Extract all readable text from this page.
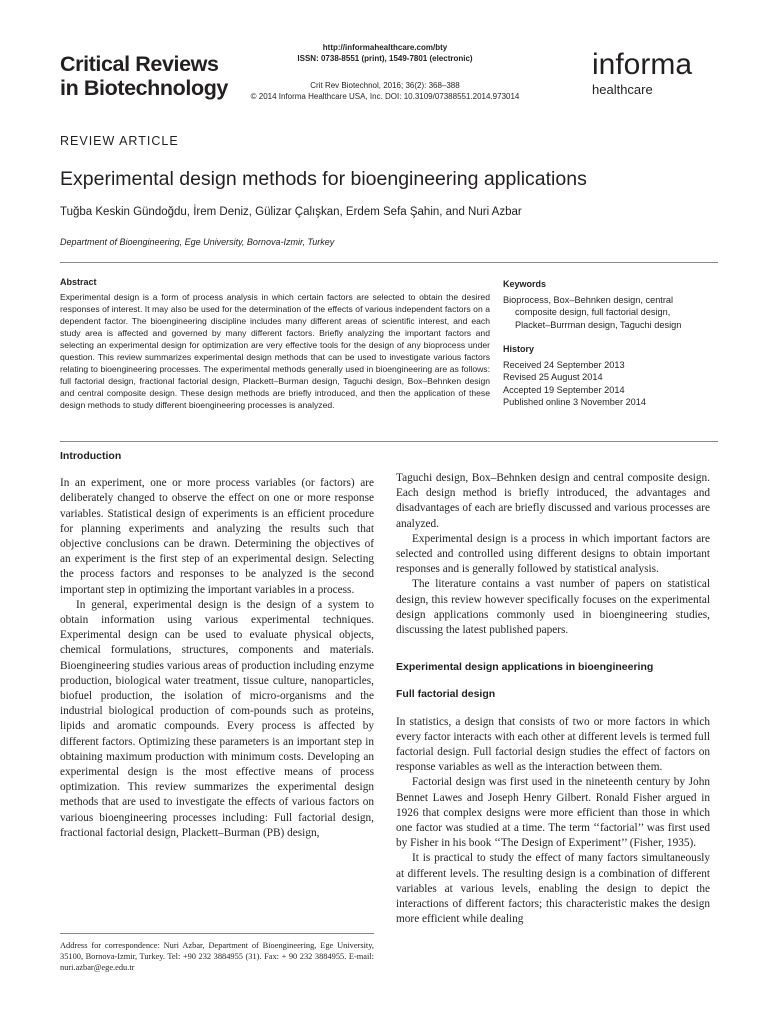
Critical Reviews
in Biotechnology
http://informahealthcare.com/bty
ISSN: 0738-8551 (print), 1549-7801 (electronic)
Crit Rev Biotechnol, 2016; 36(2): 368–388
© 2014 Informa Healthcare USA, Inc. DOI: 10.3109/07388551.2014.973014
informa
healthcare
REVIEW ARTICLE
Experimental design methods for bioengineering applications
Tuğba Keskin Gündoğdu, İrem Deniz, Gülizar Çalışkan, Erdem Sefa Şahin, and Nuri Azbar
Department of Bioengineering, Ege University, Bornova-Izmir, Turkey
Abstract
Experimental design is a form of process analysis in which certain factors are selected to obtain the desired responses of interest. It may also be used for the determination of the effects of various independent factors on a dependent factor. The bioengineering discipline includes many different areas of scientific interest, and each study area is affected and governed by many different factors. Briefly analyzing the important factors and selecting an experimental design for optimization are very effective tools for the design of any bioprocess under question. This review summarizes experimental design methods that can be used to investigate various factors relating to bioengineering processes. The experimental methods generally used in bioengineering are as follows: full factorial design, fractional factorial design, Plackett–Burman design, Taguchi design, Box–Behnken design and central composite design. These design methods are briefly introduced, and then the application of these design methods to study different bioengineering processes is analyzed.
Keywords
Bioprocess, Box–Behnken design, central
composite design, full factorial design,
Placket–Burrman design, Taguchi design
History
Received 24 September 2013
Revised 25 August 2014
Accepted 19 September 2014
Published online 3 November 2014
Introduction

In an experiment, one or more process variables (or factors) are deliberately changed to observe the effect on one or more response variables. Statistical design of experiments is an efficient procedure for planning experiments and analyzing the results such that objective conclusions can be drawn. Determining the objectives of an experiment is the first step of an experimental design. Selecting the process factors and responses to be analyzed is the second important step in optimizing the important variables in a process.

In general, experimental design is the design of a system to obtain information using various experimental techniques. Experimental design can be used to evaluate physical objects, chemical formulations, structures, components and materials. Bioengineering studies various areas of production including enzyme production, biological water treatment, tissue culture, nanoparticles, biofuel production, the isolation of micro-organisms and the industrial biological production of com-pounds such as proteins, lipids and aromatic compounds. Every process is affected by different factors. Optimizing these parameters is an important step in obtaining maximum production with minimum costs. Developing an experimental design is the most effective means of process optimization. This review summarizes the experimental design methods that are used to investigate the effects of various factors on various bioengineering processes including: Full factorial design, fractional factorial design, Plackett–Burman (PB) design,

Taguchi design, Box–Behnken design and central composite design. Each design method is briefly introduced, the advantages and disadvantages of each are briefly discussed and various processes are analyzed.

Experimental design is a process in which important factors are selected and controlled using different designs to obtain important responses and is generally followed by statistical analysis.

The literature contains a vast number of papers on statistical design, this review however specifically focuses on the experimental design applications commonly used in bioengineering studies, discussing the latest published papers.

Experimental design applications in bioengineering
Full factorial design

In statistics, a design that consists of two or more factors in which every factor interacts with each other at different levels is termed full factorial design. Full factorial design studies the effect of factors on response variables as well as the interaction between them.

Factorial design was first used in the nineteenth century by John Bennet Lawes and Joseph Henry Gilbert. Ronald Fisher argued in 1926 that complex designs were more efficient than those in which one factor was studied at a time. The term ‘‘factorial’’ was first used by Fisher in his book ‘‘The Design of Experiment’’ (Fisher, 1935).

It is practical to study the effect of many factors simultaneously at different levels. The resulting design is a combination of different variables at various levels, enabling the design to depict the interactions of different factors; this characteristic makes the design more efficient while dealing

Address for correspondence: Nuri Azbar, Department of Bioengineering, Ege University, 35100, Bornova-Izmir, Turkey. Tel: +90 232 3884955 (31). Fax: + 90 232 3884955. E-mail: nuri.azbar@ege.edu.tr
